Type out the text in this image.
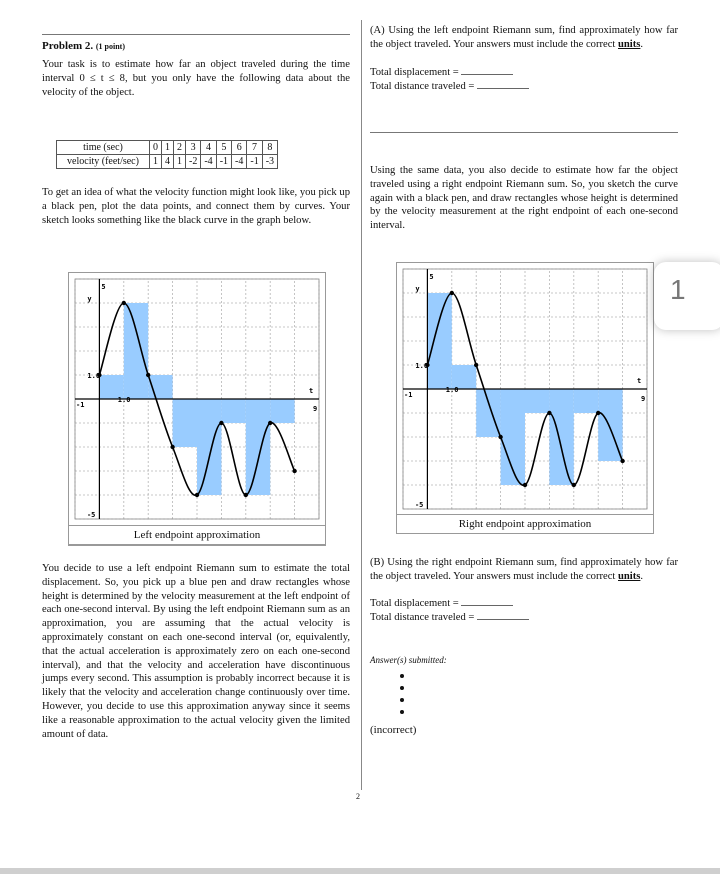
Problem 2. (1 point)
Your task is to estimate how far an object traveled during the time interval 0 ≤ t ≤ 8, but you only have the following data about the velocity of the object.
time (sec)	0	1	2	3	4	5	6	7	8
velocity (feet/sec)	1	4	1	-2	-4	-1	-4	-1	-3
To get an idea of what the velocity function might look like, you pick up a black pen, plot the data points, and connect them by curves. Your sketch looks something like the black curve in the graph below.
5
y
-5
-1	9
t
1.0
1.0
Left endpoint approximation
You decide to use a left endpoint Riemann sum to estimate the total displacement. So, you pick up a blue pen and draw rectangles whose height is determined by the velocity measurement at the left endpoint of each one-second interval. By using the left endpoint Riemann sum as an approximation, you are assuming that the actual velocity is approximately constant on each one-second interval (or, equivalently, that the actual acceleration is approximately zero on each one-second interval), and that the velocity and acceleration have discontinuous jumps every second. This assumption is probably incorrect because it is likely that the velocity and acceleration change continuously over time. However, you decide to use this approximation anyway since it seems like a reasonable approximation to the actual velocity given the limited amount of data.
2
(A) Using the left endpoint Riemann sum, find approximately how far the object traveled. Your answers must include the correct units.
Total displacement =
Total distance traveled =
Using the same data, you also decide to estimate how far the object traveled using a right endpoint Riemann sum. So, you sketch the curve again with a black pen, and draw rectangles whose height is determined by the velocity measurement at the right endpoint of each one-second interval.
5
y
-5
-1	9
t
1.0
1.0
Right endpoint approximation
(B) Using the right endpoint Riemann sum, find approximately how far the object traveled. Your answers must include the correct units.
Total displacement =
Total distance traveled =
Answer(s) submitted:
(incorrect)
1
